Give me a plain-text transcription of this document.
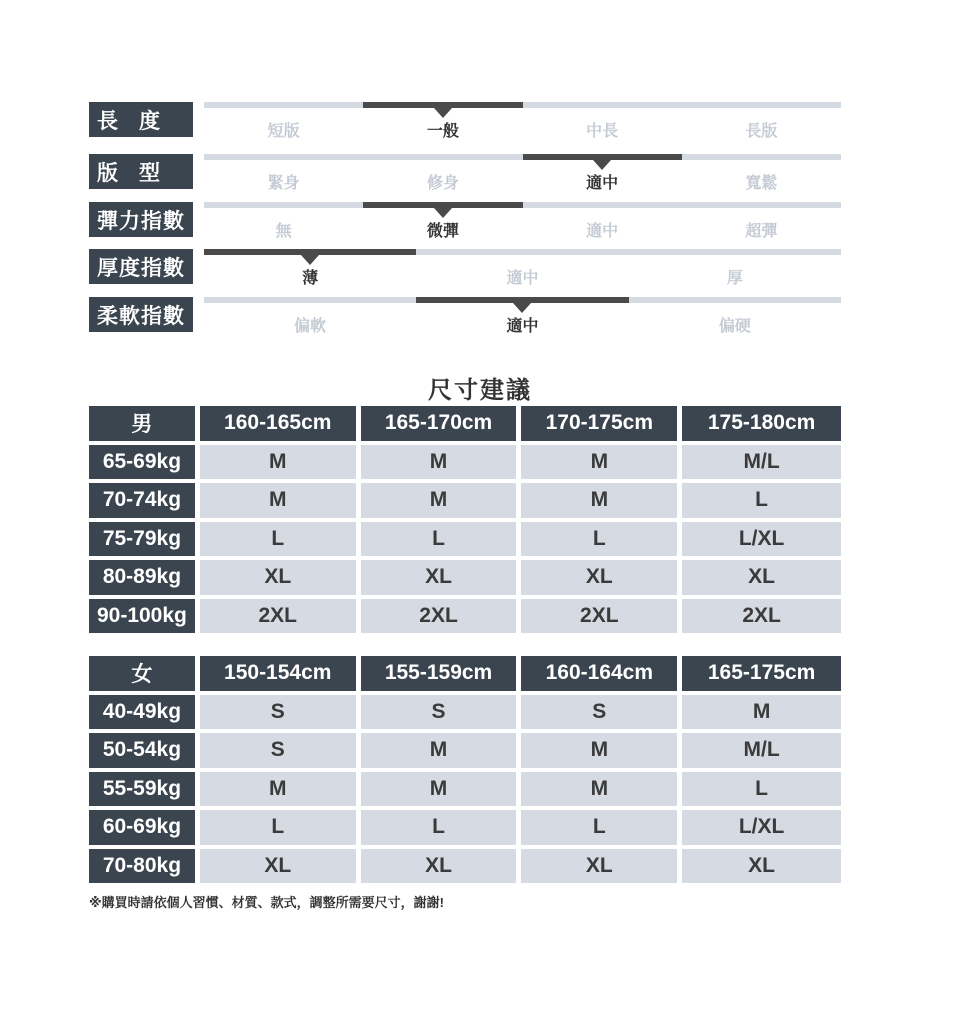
長　度	短版	一般	中長	長版
版　型	緊身	修身	適中	寬鬆
彈力指數	無	微彈	適中	超彈
厚度指數	薄	適中	厚
柔軟指數	偏軟	適中	偏硬
尺寸建議
男	160-165cm	165-170cm	170-175cm	175-180cm
65-69kg	M	M	M	M/L
70-74kg	M	M	M	L
75-79kg	L	L	L	L/XL
80-89kg	XL	XL	XL	XL
90-100kg	2XL	2XL	2XL	2XL
女	150-154cm	155-159cm	160-164cm	165-175cm
40-49kg	S	S	S	M
50-54kg	S	M	M	M/L
55-59kg	M	M	M	L
60-69kg	L	L	L	L/XL
70-80kg	XL	XL	XL	XL
※購買時請依個人習慣、材質、款式，調整所需要尺寸，謝謝!
